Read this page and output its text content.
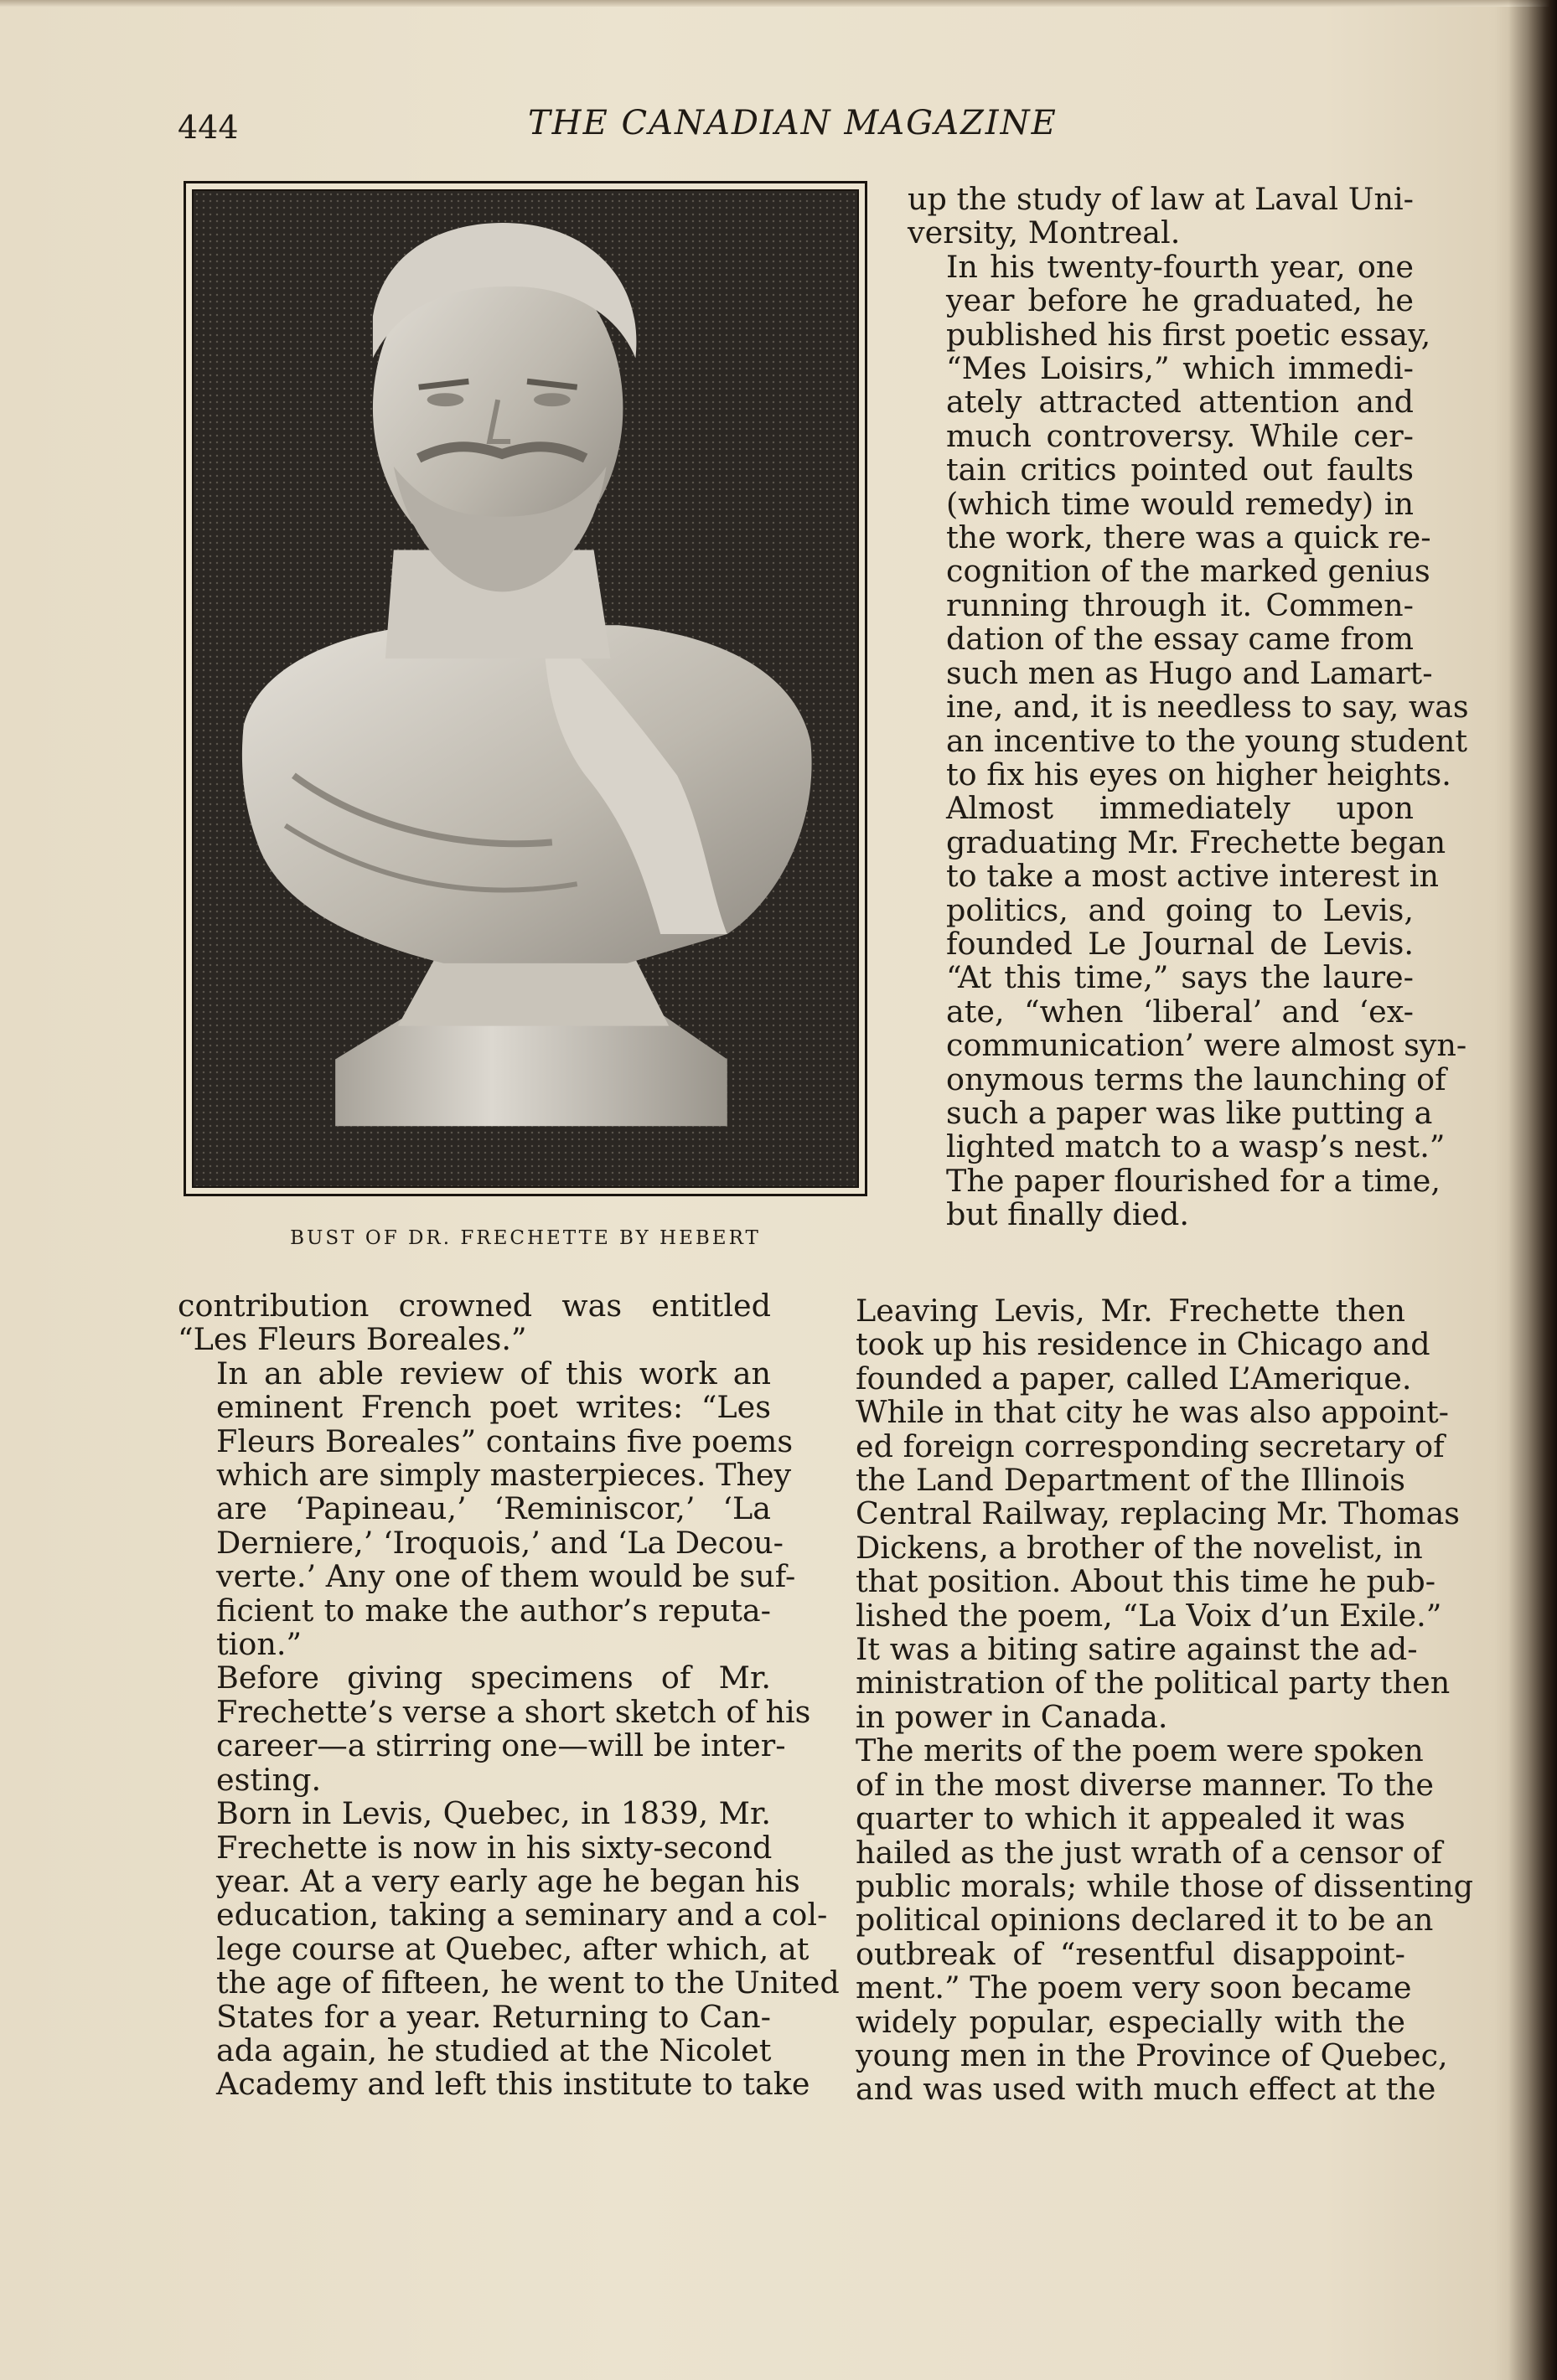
444	THE CANADIAN MAGAZINE
BUST OF DR. FRECHETTE BY HEBERT

up the study of law at Laval Uni-
versity, Montreal.

In his twenty-fourth year, one
year before he graduated, he
published his first poetic essay,
“Mes Loisirs,” which immedi-
ately attracted attention and
much controversy. While cer-
tain critics pointed out faults
(which time would remedy) in
the work, there was a quick re-
cognition of the marked genius
running through it. Commen-
dation of the essay came from
such men as Hugo and Lamart-
ine, and, it is needless to say, was
an incentive to the young student
to fix his eyes on higher heights.

Almost immediately upon
graduating Mr. Frechette began
to take a most active interest in
politics, and going to Levis,
founded Le Journal de Levis.
“At this time,” says the laure-
ate, “when ‘liberal’ and ‘ex-
communication’ were almost syn-
onymous terms the launching of
such a paper was like putting a
lighted match to a wasp’s nest.”
The paper flourished for a time,
but finally died.

Leaving Levis, Mr. Frechette then
took up his residence in Chicago and
founded a paper, called L’Amerique.
While in that city he was also appoint-
ed foreign corresponding secretary of
the Land Department of the Illinois
Central Railway, replacing Mr. Thomas
Dickens, a brother of the novelist, in
that position. About this time he pub-
lished the poem, “La Voix d’un Exile.”
It was a biting satire against the ad-
ministration of the political party then
in power in Canada.

The merits of the poem were spoken
of in the most diverse manner. To the
quarter to which it appealed it was
hailed as the just wrath of a censor of
public morals; while those of dissenting
political opinions declared it to be an
outbreak of “resentful disappoint-
ment.” The poem very soon became
widely popular, especially with the
young men in the Province of Quebec,
and was used with much effect at the

contribution crowned was entitled
“Les Fleurs Boreales.”

In an able review of this work an
eminent French poet writes: “Les
Fleurs Boreales” contains five poems
which are simply masterpieces. They
are ‘Papineau,’ ‘Reminiscor,’ ‘La
Derniere,’ ‘Iroquois,’ and ‘La Decou-
verte.’ Any one of them would be suf-
ficient to make the author’s reputa-
tion.”

Before giving specimens of Mr.
Frechette’s verse a short sketch of his
career—a stirring one—will be inter-
esting.

Born in Levis, Quebec, in 1839, Mr.
Frechette is now in his sixty-second
year. At a very early age he began his
education, taking a seminary and a col-
lege course at Quebec, after which, at
the age of fifteen, he went to the United
States for a year. Returning to Can-
ada again, he studied at the Nicolet
Academy and left this institute to take
